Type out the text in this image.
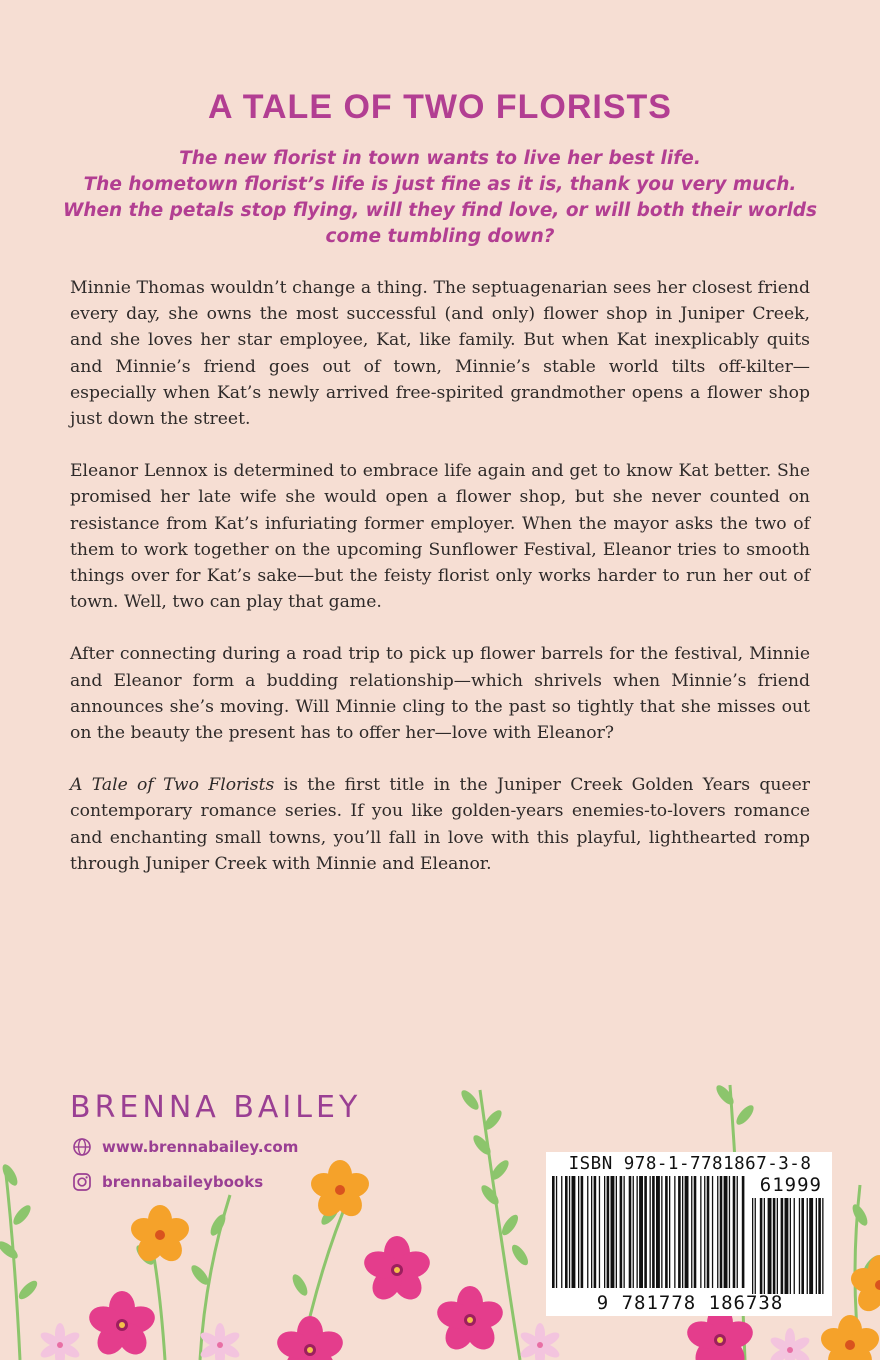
A TALE OF TWO FLORISTS
The new florist in town wants to live her best life.
The hometown florist’s life is just fine as it is, thank you very much.
When the petals stop flying, will they find love, or will both their worlds
come tumbling down?

Minnie Thomas wouldn’t change a thing. The septuagenarian sees her closest friend every day, she owns the most successful (and only) flower shop in Juniper Creek, and she loves her star employee, Kat, like family. But when Kat inexplicably quits and Minnie’s friend goes out of town, Minnie’s stable world tilts off-kilter—especially when Kat’s newly arrived free-spirited grandmother opens a flower shop just down the street.

Eleanor Lennox is determined to embrace life again and get to know Kat better. She promised her late wife she would open a flower shop, but she never counted on resistance from Kat’s infuriating former employer. When the mayor asks the two of them to work together on the upcoming Sunflower Festival, Eleanor tries to smooth things over for Kat’s sake—but the feisty florist only works harder to run her out of town. Well, two can play that game.

After connecting during a road trip to pick up flower barrels for the festival, Minnie and Eleanor form a budding relationship—which shrivels when Minnie’s friend announces she’s moving. Will Minnie cling to the past so tightly that she misses out on the beauty the present has to offer her—love with Eleanor?

A Tale of Two Florists is the first title in the Juniper Creek Golden Years queer contemporary romance series. If you like golden-years enemies-to-lovers romance and enchanting small towns, you’ll fall in love with this playful, lighthearted romp through Juniper Creek with Minnie and Eleanor.

BRENNA BAILEY
www.brennabailey.com
brennabaileybooks
ISBN 978-1-7781867-3-8
61999
9 781778 186738
